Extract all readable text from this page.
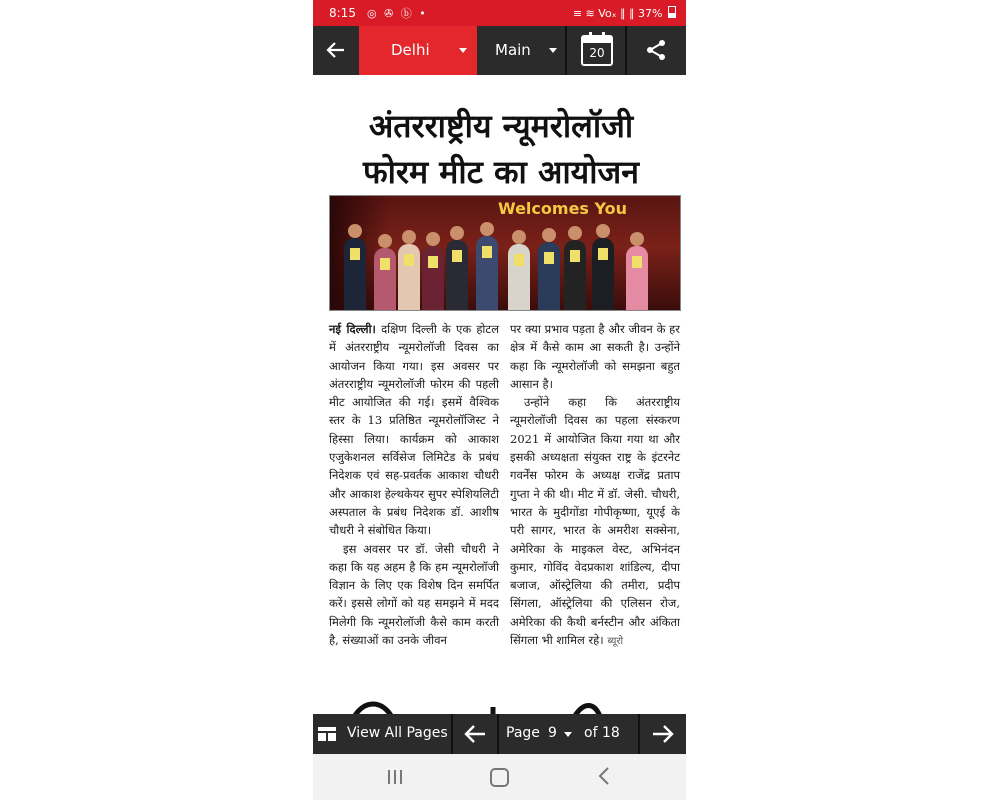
8:15 ◎ ✇ ⓑ •	≡ ≋ Voₓ ∥ ∥ 37%
Delhi	Main	20
अंतरराष्ट्रीय न्यूमरोलॉजी
फोरम मीट का आयोजन
Welcomes You
नई दिल्ली। दक्षिण दिल्ली के एक होटल में अंतरराष्ट्रीय न्यूमरोलॉजी दिवस का आयोजन किया गया। इस अवसर पर अंतरराष्ट्रीय न्यूमरोलॉजी फोरम की पहली मीट आयोजित की गई। इसमें वैश्विक स्तर के 13 प्रतिष्ठित न्यूमरोलॉजिस्ट ने हिस्सा लिया। कार्यक्रम को आकाश एजुकेशनल सर्विसेज लिमिटेड के प्रबंध निदेशक एवं सह-प्रवर्तक आकाश चौधरी और आकाश हेल्थकेयर सुपर स्पेशियलिटी अस्पताल के प्रबंध निदेशक डॉ. आशीष चौधरी ने संबोधित किया।
इस अवसर पर डॉ. जेसी चौधरी ने कहा कि यह अहम है कि हम न्यूमरोलॉजी विज्ञान के लिए एक विशेष दिन समर्पित करें। इससे लोगों को यह समझने में मदद मिलेगी कि न्यूमरोलॉजी कैसे काम करती है, संख्याओं का उनके जीवन
पर क्या प्रभाव पड़ता है और जीवन के हर क्षेत्र में कैसे काम आ सकती है। उन्होंने कहा कि न्यूमरोलॉजी को समझना बहुत आसान है।
उन्होंने कहा कि अंतरराष्ट्रीय न्यूमरोलॉजी दिवस का पहला संस्करण 2021 में आयोजित किया गया था और इसकी अध्यक्षता संयुक्त राष्ट्र के इंटरनेट गवर्नेंस फोरम के अध्यक्ष राजेंद्र प्रताप गुप्ता ने की थी। मीट में डॉ. जेसी. चौधरी, भारत के मुदीगोंडा गोपीकृष्णा, यूएई के परी सागर, भारत के अमरीश सक्सेना, अमेरिका के माइकल वेस्ट, अभिनंदन कुमार, गोविंद वेदप्रकाश शांडिल्य, दीपा बजाज, ऑस्ट्रेलिया की तमीरा, प्रदीप सिंगला, ऑस्ट्रेलिया की एलिसन रोज, अमेरिका की कैथी बर्नस्टीन और अंकिता सिंगला भी शामिल रहे। ब्यूरो
View All Pages	Page 9 of 18
